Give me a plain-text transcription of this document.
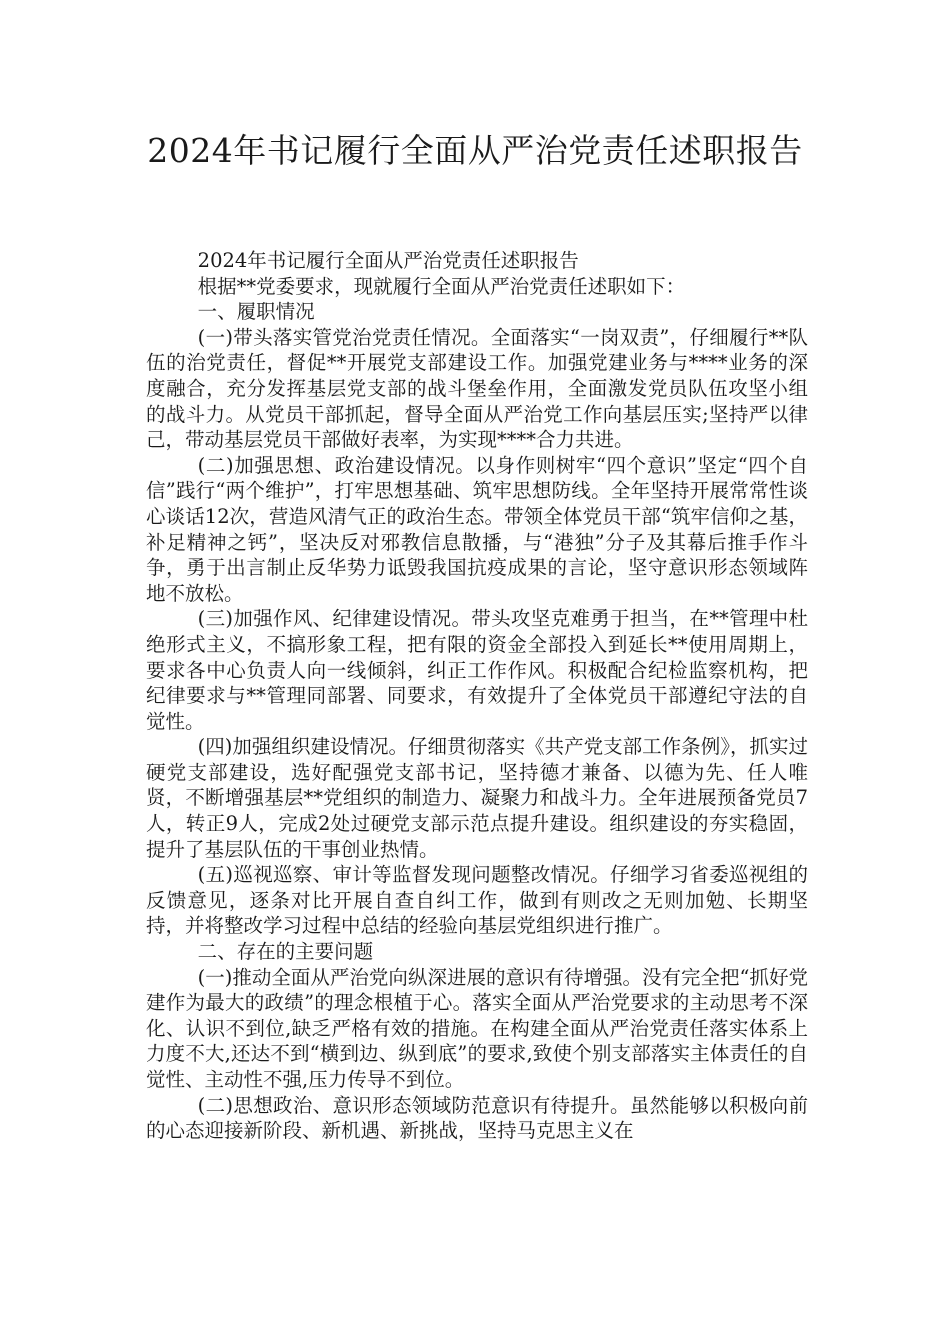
2024年书记履行全面从严治党责任述职报告

2024年书记履行全面从严治党责任述职报告

根据**党委要求，现就履行全面从严治党责任述职如下：

一、履职情况

(一)带头落实管党治党责任情况。全面落实“一岗双责”，仔细履行**队伍的治党责任，督促**开展党支部建设工作。加强党建业务与****业务的深度融合，充分发挥基层党支部的战斗堡垒作用，全面激发党员队伍攻坚小组的战斗力。从党员干部抓起，督导全面从严治党工作向基层压实;坚持严以律己，带动基层党员干部做好表率，为实现****合力共进。

(二)加强思想、政治建设情况。以身作则树牢“四个意识”坚定“四个自信”践行“两个维护”，打牢思想基础、筑牢思想防线。全年坚持开展常常性谈心谈话12次，营造风清气正的政治生态。带领全体党员干部“筑牢信仰之基，补足精神之钙”，坚决反对邪教信息散播，与“港独”分子及其幕后推手作斗争，勇于出言制止反华势力诋毁我国抗疫成果的言论，坚守意识形态领域阵地不放松。

(三)加强作风、纪律建设情况。带头攻坚克难勇于担当，在**管理中杜绝形式主义，不搞形象工程，把有限的资金全部投入到延长**使用周期上，要求各中心负责人向一线倾斜，纠正工作作风。积极配合纪检监察机构，把纪律要求与**管理同部署、同要求，有效提升了全体党员干部遵纪守法的自觉性。

(四)加强组织建设情况。仔细贯彻落实《共产党支部工作条例》，抓实过硬党支部建设，选好配强党支部书记，坚持德才兼备、以德为先、任人唯贤，不断增强基层**党组织的制造力、凝聚力和战斗力。全年进展预备党员7人，转正9人，完成2处过硬党支部示范点提升建设。组织建设的夯实稳固，提升了基层队伍的干事创业热情。

(五)巡视巡察、审计等监督发现问题整改情况。仔细学习省委巡视组的反馈意见，逐条对比开展自查自纠工作，做到有则改之无则加勉、长期坚持，并将整改学习过程中总结的经验向基层党组织进行推广。

二、存在的主要问题

(一)推动全面从严治党向纵深进展的意识有待增强。没有完全把“抓好党建作为最大的政绩”的理念根植于心。落实全面从严治党要求的主动思考不深化、认识不到位,缺乏严格有效的措施。在构建全面从严治党责任落实体系上力度不大,还达不到“横到边、纵到底”的要求,致使个别支部落实主体责任的自觉性、主动性不强,压力传导不到位。

(二)思想政治、意识形态领域防范意识有待提升。虽然能够以积极向前的心态迎接新阶段、新机遇、新挑战，坚持马克思主义在
